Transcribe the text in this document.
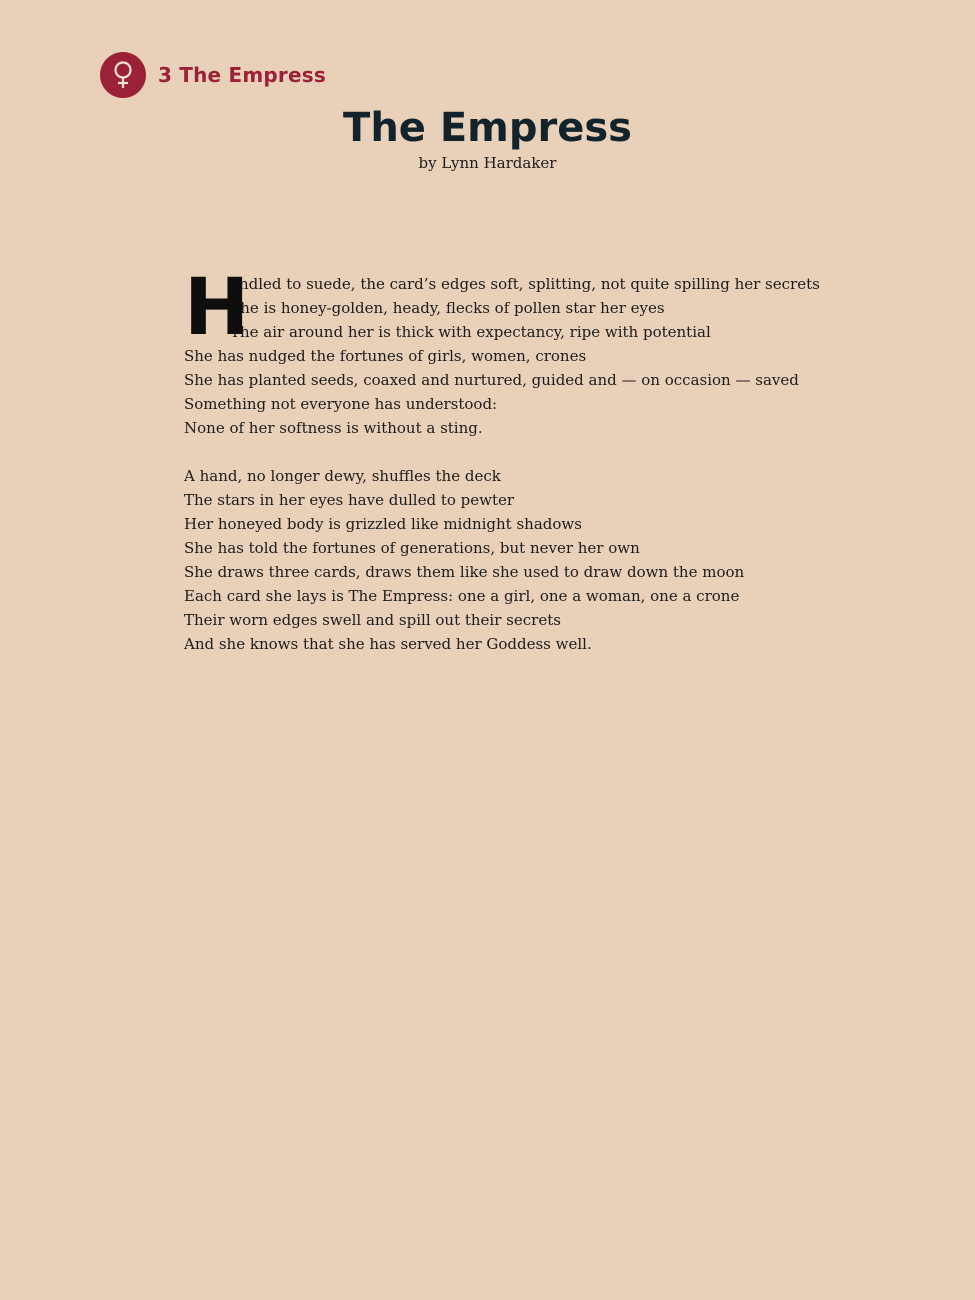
3 The Empress
The Empress
by Lynn Hardaker
H
andled to suede, the card’s edges soft, splitting, not quite spilling her secrets
She is honey-golden, heady, flecks of pollen star her eyes
The air around her is thick with expectancy, ripe with potential
She has nudged the fortunes of girls, women, crones
She has planted seeds, coaxed and nurtured, guided and — on occasion — saved
Something not everyone has understood:
None of her softness is without a sting.
A hand, no longer dewy, shuffles the deck
The stars in her eyes have dulled to pewter
Her honeyed body is grizzled like midnight shadows
She has told the fortunes of generations, but never her own
She draws three cards, draws them like she used to draw down the moon
Each card she lays is The Empress: one a girl, one a woman, one a crone
Their worn edges swell and spill out their secrets
And she knows that she has served her Goddess well.
